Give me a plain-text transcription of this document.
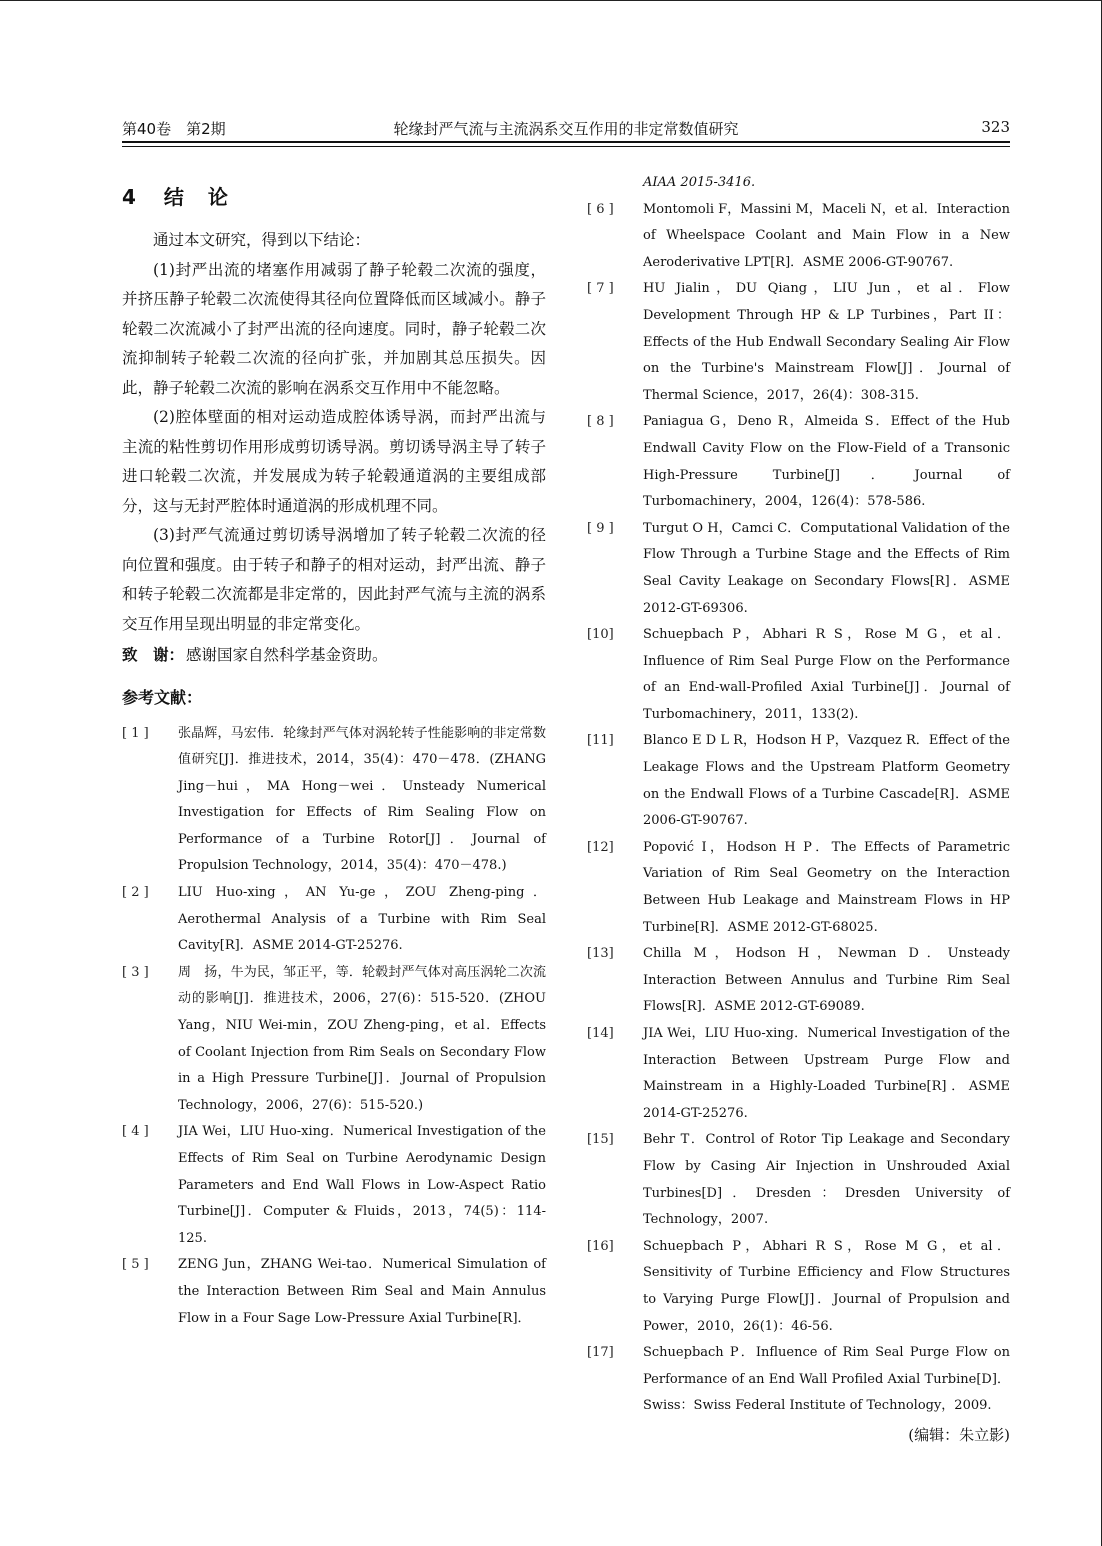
第40卷　第2期	轮缘封严气流与主流涡系交互作用的非定常数值研究	323
4 结　论

通过本文研究，得到以下结论：

(1)封严出流的堵塞作用减弱了静子轮毂二次流的强度，并挤压静子轮毂二次流使得其径向位置降低而区域减小。静子轮毂二次流减小了封严出流的径向速度。同时，静子轮毂二次流抑制转子轮毂二次流的径向扩张，并加剧其总压损失。因此，静子轮毂二次流的影响在涡系交互作用中不能忽略。

(2)腔体壁面的相对运动造成腔体诱导涡，而封严出流与主流的粘性剪切作用形成剪切诱导涡。剪切诱导涡主导了转子进口轮毂二次流，并发展成为转子轮毂通道涡的主要组成部分，这与无封严腔体时通道涡的形成机理不同。

(3)封严气流通过剪切诱导涡增加了转子轮毂二次流的径向位置和强度。由于转子和静子的相对运动，封严出流、静子和转子轮毂二次流都是非定常的，因此封严气流与主流的涡系交互作用呈现出明显的非定常变化。

致　谢： 感谢国家自然科学基金资助。
参考文献：
[ 1 ]	张晶辉，马宏伟．轮缘封严气体对涡轮转子性能影响的非定常数值研究[J]．推进技术，2014，35(4)：470－478．(ZHANG Jing－hui，MA Hong－wei．Unsteady Numerical Investigation for Effects of Rim Sealing Flow on Performance of a Turbine Rotor[J]．Journal of Propulsion Technology，2014，35(4)：470－478.)
[ 2 ]	LIU Huo-xing，AN Yu-ge，ZOU Zheng-ping．Aerothermal Analysis of a Turbine with Rim Seal Cavity[R]．ASME 2014-GT-25276.
[ 3 ]	周　扬，牛为民，邹正平，等．轮毂封严气体对高压涡轮二次流动的影响[J]．推进技术，2006，27(6)：515-520．(ZHOU Yang，NIU Wei-min，ZOU Zheng-ping，et al．Effects of Coolant Injection from Rim Seals on Secondary Flow in a High Pressure Turbine[J]．Journal of Propulsion Technology，2006，27(6)：515-520.)
[ 4 ]	JIA Wei，LIU Huo-xing．Numerical Investigation of the Effects of Rim Seal on Turbine Aerodynamic Design Parameters and End Wall Flows in Low-Aspect Ratio Turbine[J]．Computer & Fluids，2013，74(5)：114-125.
[ 5 ]	ZENG Jun，ZHANG Wei-tao．Numerical Simulation of the Interaction Between Rim Seal and Main Annulus Flow in a Four Sage Low-Pressure Axial Turbine[R]．
AIAA 2015-3416.
[ 6 ]	Montomoli F，Massini M，Maceli N，et al．Interaction of Wheelspace Coolant and Main Flow in a New Aeroderivative LPT[R]．ASME 2006-GT-90767.
[ 7 ]	HU Jialin，DU Qiang，LIU Jun，et al．Flow Development Through HP & LP Turbines，Part II：Effects of the Hub Endwall Secondary Sealing Air Flow on the Turbine's Mainstream Flow[J]．Journal of Thermal Science，2017，26(4)：308-315.
[ 8 ]	Paniagua G，Deno R，Almeida S．Effect of the Hub Endwall Cavity Flow on the Flow-Field of a Transonic High-Pressure Turbine[J]．Journal of Turbomachinery，2004，126(4)：578-586.
[ 9 ]	Turgut O H，Camci C．Computational Validation of the Flow Through a Turbine Stage and the Effects of Rim Seal Cavity Leakage on Secondary Flows[R]．ASME 2012-GT-69306.
[10]	Schuepbach P，Abhari R S，Rose M G，et al．Influence of Rim Seal Purge Flow on the Performance of an End-wall-Profiled Axial Turbine[J]．Journal of Turbomachinery，2011，133(2).
[11]	Blanco E D L R，Hodson H P，Vazquez R．Effect of the Leakage Flows and the Upstream Platform Geometry on the Endwall Flows of a Turbine Cascade[R]．ASME 2006-GT-90767.
[12]	Popović I，Hodson H P．The Effects of Parametric Variation of Rim Seal Geometry on the Interaction Between Hub Leakage and Mainstream Flows in HP Turbine[R]．ASME 2012-GT-68025.
[13]	Chilla M，Hodson H，Newman D．Unsteady Interaction Between Annulus and Turbine Rim Seal Flows[R]．ASME 2012-GT-69089.
[14]	JIA Wei，LIU Huo-xing．Numerical Investigation of the Interaction Between Upstream Purge Flow and Mainstream in a Highly-Loaded Turbine[R]．ASME 2014-GT-25276.
[15]	Behr T．Control of Rotor Tip Leakage and Secondary Flow by Casing Air Injection in Unshrouded Axial Turbines[D]．Dresden：Dresden University of Technology，2007.
[16]	Schuepbach P，Abhari R S，Rose M G，et al．Sensitivity of Turbine Efficiency and Flow Structures to Varying Purge Flow[J]．Journal of Propulsion and Power，2010，26(1)：46-56.
[17]	Schuepbach P．Influence of Rim Seal Purge Flow on Performance of an End Wall Profiled Axial Turbine[D]．Swiss：Swiss Federal Institute of Technology，2009.
(编辑：朱立影)
